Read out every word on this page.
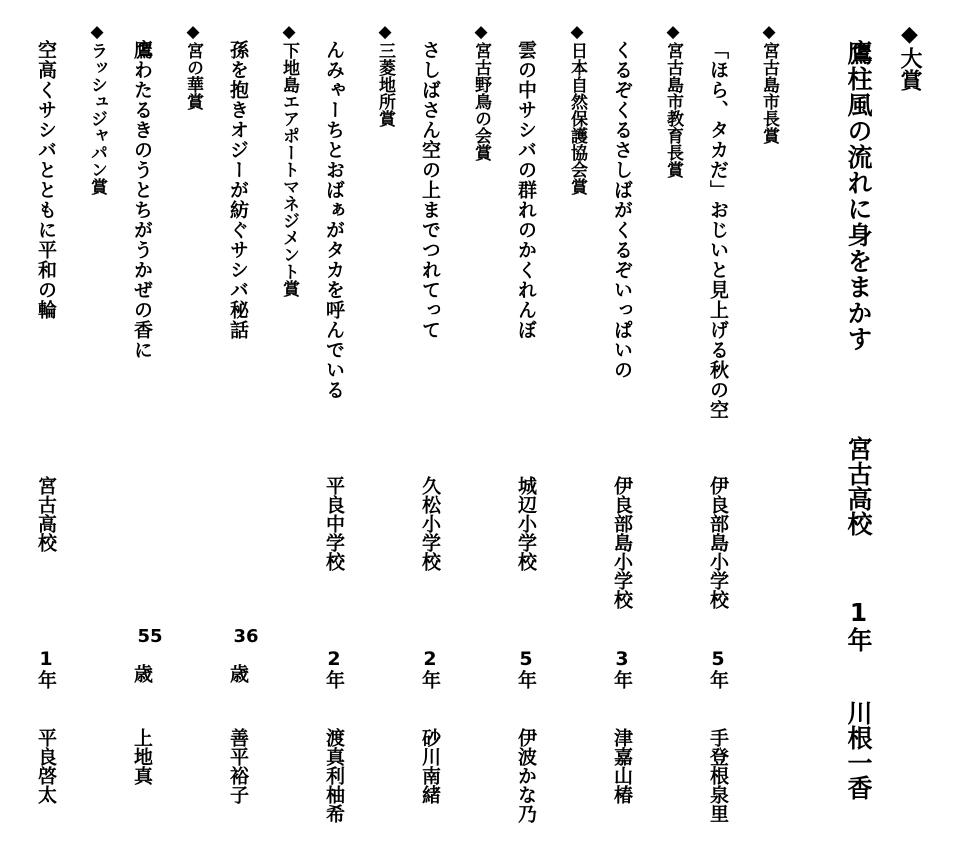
◆大賞
鷹柱風の流れに身をまかす
宮古高校
1年
川根一香
◆宮古島市長賞
「ほら、タカだ」おじいと見上げる秋の空
伊良部島小学校
5年
手登根泉里
◆宮古島市教育長賞
くるぞくるさしばがくるぞいっぱいの
伊良部島小学校
3年
津嘉山椿
◆日本自然保護協会賞
雲の中サシバの群れのかくれんぼ
城辺小学校
5年
伊波かな乃
◆宮古野鳥の会賞
さしばさん空の上までつれてって
久松小学校
2年
砂川南緒
◆三菱地所賞
んみゃーちとおばぁがタカを呼んでいる
平良中学校
2年
渡真利柚希
◆下地島エアポートマネジメント賞
孫を抱きオジーが紡ぐサシバ秘話
36
歳
善平裕子
◆宮の華賞
鷹わたるきのうとちがうかぜの香に
55
歳
上地真
◆ラッシュジャパン賞
空高くサシバとともに平和の輪
宮古高校
1年
平良啓太
